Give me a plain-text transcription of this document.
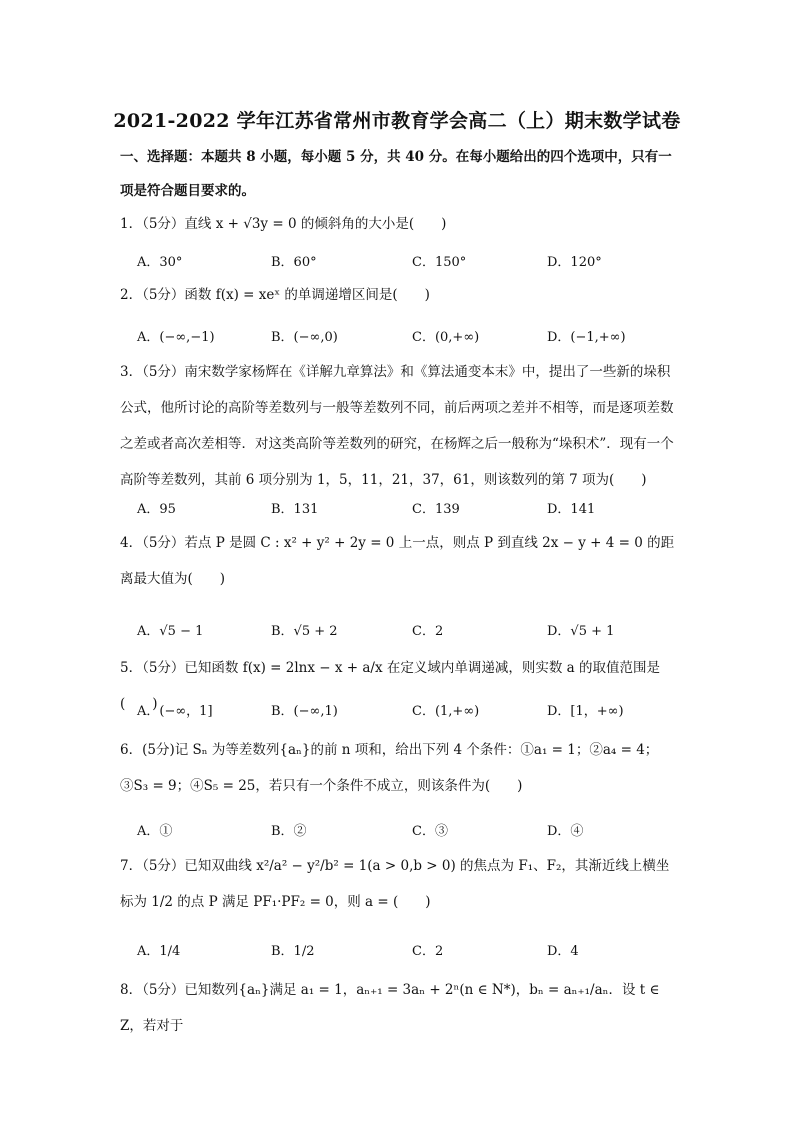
2021-2022 学年江苏省常州市教育学会高二（上）期末数学试卷
一、选择题：本题共 8 小题，每小题 5 分，共 40 分。在每小题给出的四个选项中，只有一项是符合题目要求的。
1．（5分）直线 x + √3y = 0 的倾斜角的大小是(　　)
A．30°	B．60°	C．150°	D．120°
2．（5分）函数 f(x) = xeˣ 的单调递增区间是(　　)
A．(−∞,−1)	B．(−∞,0)	C．(0,+∞)	D．(−1,+∞)
3．（5分）南宋数学家杨辉在《详解九章算法》和《算法通变本末》中，提出了一些新的垛积公式，他所讨论的高阶等差数列与一般等差数列不同，前后两项之差并不相等，而是逐项差数之差或者高次差相等．对这类高阶等差数列的研究，在杨辉之后一般称为“垛积术”．现有一个高阶等差数列，其前 6 项分别为 1，5，11，21，37，61，则该数列的第 7 项为(　　)
A．95	B．131	C．139	D．141
4．（5分）若点 P 是圆 C : x² + y² + 2y = 0 上一点，则点 P 到直线 2x − y + 4 = 0 的距离最大值为(　　)
A．√5 − 1	B．√5 + 2	C．2	D．√5 + 1
5．（5分）已知函数 f(x) = 2lnx − x + a/x 在定义域内单调递减，则实数 a 的取值范围是(　　)
A．(−∞，1]	B．(−∞,1)	C．(1,+∞)	D．[1，+∞)
6．(5分)记 Sₙ 为等差数列{aₙ}的前 n 项和，给出下列 4 个条件：①a₁ = 1；②a₄ = 4；③S₃ = 9；④S₅ = 25，若只有一个条件不成立，则该条件为(　　)
A．①	B．②	C．③	D．④
7．（5分）已知双曲线 x²/a² − y²/b² = 1(a > 0,b > 0) 的焦点为 F₁、F₂，其渐近线上横坐标为 1/2 的点 P 满足 PF₁·PF₂ = 0，则 a = (　　)
A．1/4	B．1/2	C．2	D．4
8．（5分）已知数列{aₙ}满足 a₁ = 1，aₙ₊₁ = 3aₙ + 2ⁿ(n ∈ N*)，bₙ = aₙ₊₁/aₙ．设 t ∈ Z，若对于
